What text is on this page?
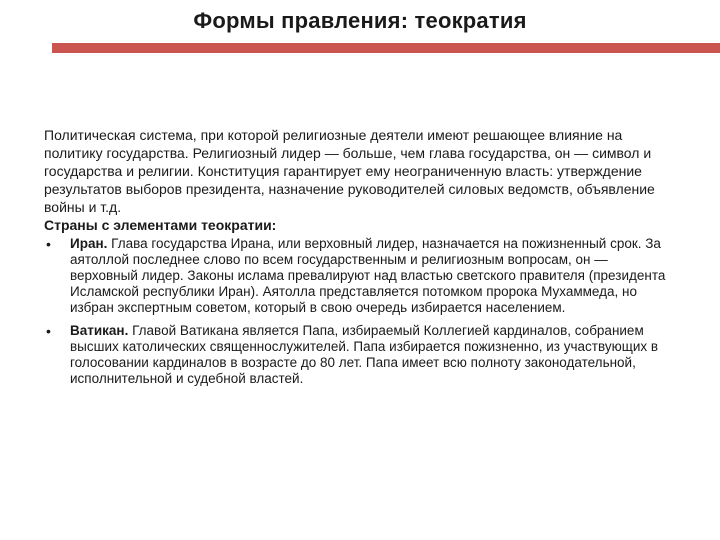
Формы правления: теократия

Политическая система, при которой религиозные деятели имеют решающее влияние на политику государства. Религиозный лидер — больше, чем глава государства, он — символ и государства и религии. Конституция гарантирует ему неограниченную власть: утверждение результатов выборов президента, назначение руководителей силовых ведомств, объявление войны и т.д.

Страны с элементами теократии:

• Иран. Глава государства Ирана, или верховный лидер, назначается на пожизненный срок. За аятоллой последнее слово по всем государственным и религиозным вопросам, он — верховный лидер. Законы ислама превалируют над властью светского правителя (президента Исламской республики Иран). Аятолла представляется потомком пророка Мухаммеда, но избран экспертным советом, который в свою очередь избирается населением.
• Ватикан. Главой Ватикана является Папа, избираемый Коллегией кардиналов, собранием высших католических священнослужителей. Папа избирается пожизненно, из участвующих в голосовании кардиналов в возрасте до 80 лет. Папа имеет всю полноту законодательной, исполнительной и судебной властей.
